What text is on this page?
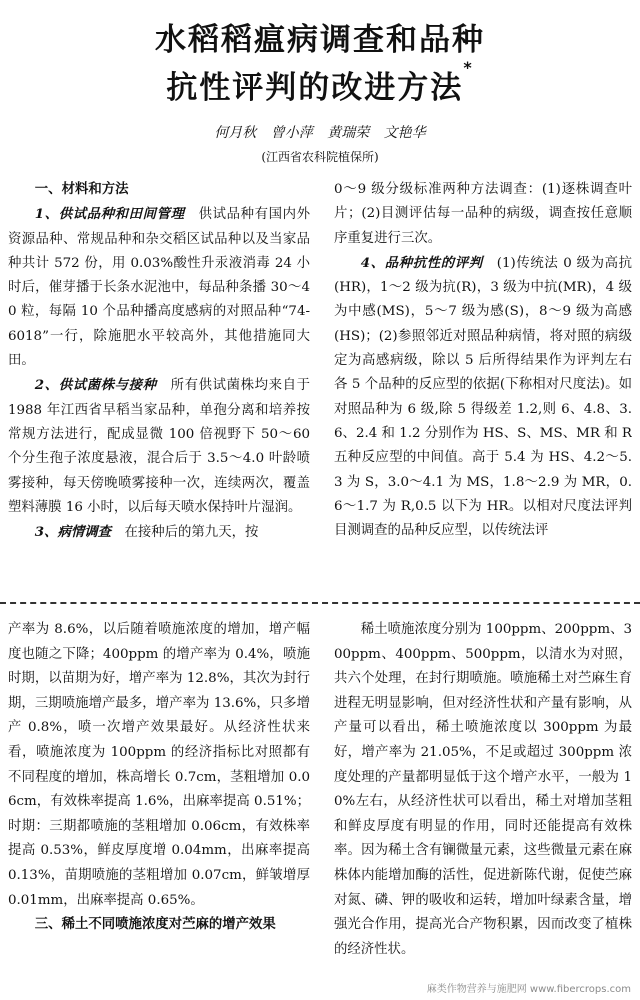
水稻稻瘟病调查和品种
抗性评判的改进方法*
何月秋 曾小萍 黄瑞荣 文艳华
(江西省农科院植保所)

一、材料和方法

1、供试品种和田间管理　供试品种有国内外资源品种、常规品种和杂交稻区试品种以及当家品种共计 572 份，用 0.03%酸性升汞液消毒 24 小时后，催芽播于长条水泥池中，每品种条播 30～40 粒，每隔 10 个品种播高度感病的对照品种“74-6018”一行，除施肥水平较高外，其他措施同大田。

2、供试菌株与接种　所有供试菌株均来自于 1988 年江西省早稻当家品种，单孢分离和培养按常规方法进行，配成显微 100 倍视野下 50～60 个分生孢子浓度悬液，混合后于 3.5～4.0 叶龄喷雾接种，每天傍晚喷雾接种一次，连续两次，覆盖塑料薄膜 16 小时，以后每天喷水保持叶片湿润。

3、病情调查　在接种后的第九天，按

0～9 级分级标准两种方法调查：(1)逐株调查叶片；(2)目测评估每一品种的病级，调查按任意顺序重复进行三次。

4、品种抗性的评判　(1)传统法 0 级为高抗(HR)，1～2 级为抗(R)，3 级为中抗(MR)，4 级为中感(MS)，5～7 级为感(S)，8～9 级为高感(HS)；(2)参照邻近对照品种病情，将对照的病级定为高感病级，除以 5 后所得结果作为评判左右各 5 个品种的反应型的依据(下称相对尺度法)。如对照品种为 6 级,除 5 得级差 1.2,则 6、4.8、3.6、2.4 和 1.2 分别作为 HS、S、MS、MR 和 R 五种反应型的中间值。高于 5.4 为 HS、4.2～5.3 为 S，3.0～4.1 为 MS，1.8～2.9 为 MR，0.6～1.7 为 R,0.5 以下为 HR。以相对尺度法评判目测调查的品种反应型，以传统法评

产率为 8.6%，以后随着喷施浓度的增加，增产幅度也随之下降；400ppm 的增产率为 0.4%，喷施时期，以苗期为好，增产率为 12.8%，其次为封行期，三期喷施增产最多，增产率为 13.6%，只多增产 0.8%，喷一次增产效果最好。从经济性状来看，喷施浓度为 100ppm 的经济指标比对照都有不同程度的增加，株高增长 0.7cm，茎粗增加 0.06cm，有效株率提高 1.6%，出麻率提高 0.51%；时期：三期都喷施的茎粗增加 0.06cm，有效株率提高 0.53%，鲜皮厚度增 0.04mm，出麻率提高 0.13%，苗期喷施的茎粗增加 0.07cm，鲜皱增厚 0.01mm，出麻率提高 0.65%。

三、稀土不同喷施浓度对苎麻的增产效果

稀土喷施浓度分别为 100ppm、200ppm、300ppm、400ppm、500ppm，以清水为对照，共六个处理，在封行期喷施。喷施稀土对苎麻生育进程无明显影响，但对经济性状和产量有影响，从产量可以看出，稀土喷施浓度以 300ppm 为最好，增产率为 21.05%，不足或超过 300ppm 浓度处理的产量都明显低于这个增产水平，一般为 10%左右，从经济性状可以看出，稀土对增加茎粗和鲜皮厚度有明显的作用，同时还能提高有效株率。因为稀土含有镧微量元素，这些微量元素在麻株体内能增加酶的活性，促进新陈代谢，促使苎麻对氮、磷、钾的吸收和运转，增加叶绿素含量，增强光合作用，提高光合产物积累，因而改变了植株的经济性状。

麻类作物营养与施肥网 www.fibercrops.com
